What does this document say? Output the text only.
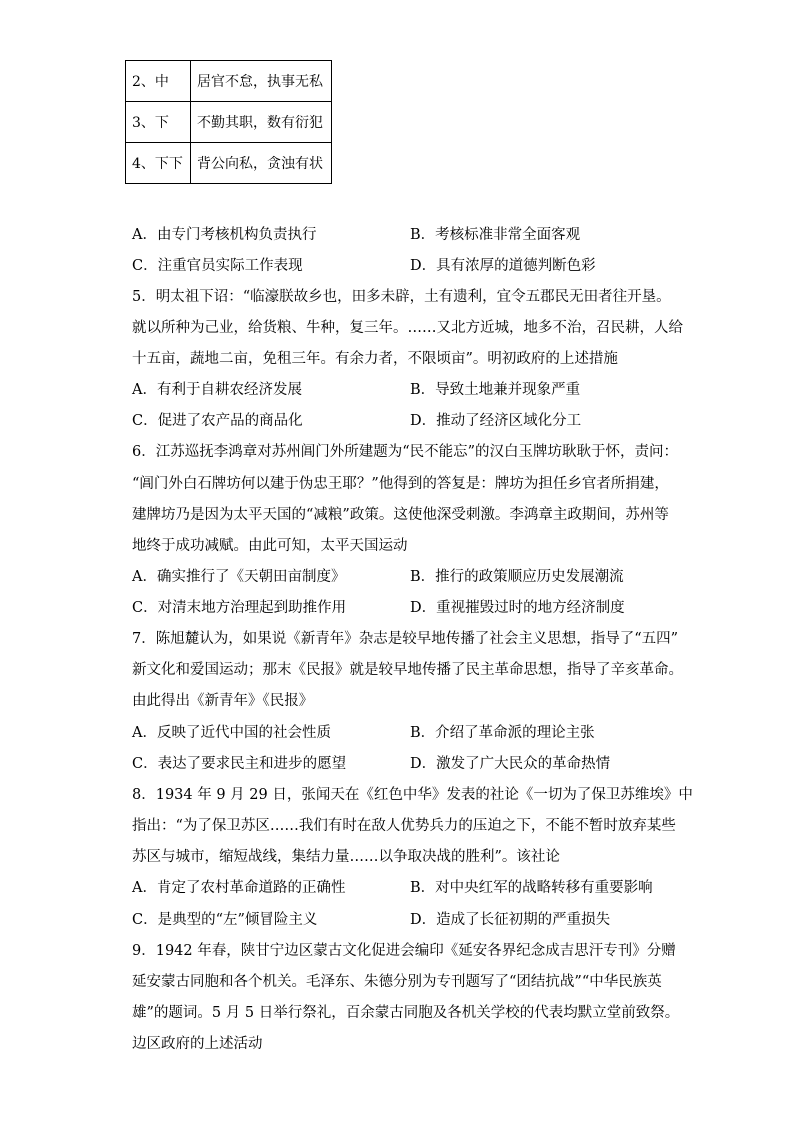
2、中	居官不怠，执事无私
3、下	不勤其职，数有衍犯
4、下下	背公向私，贪浊有状
A．由专门考核机构负责执行	B．考核标准非常全面客观
C．注重官员实际工作表现	D．具有浓厚的道德判断色彩
5．明太祖下诏：“临濠朕故乡也，田多未辟，土有遗利，宜令五郡民无田者往开垦。
就以所种为己业，给货粮、牛种，复三年。……又北方近城，地多不治，召民耕，人给
十五亩，蔬地二亩，免租三年。有余力者，不限顷亩”。明初政府的上述措施
A．有利于自耕农经济发展	B．导致土地兼并现象严重
C．促进了农产品的商品化	D．推动了经济区域化分工
6．江苏巡抚李鸿章对苏州阊门外所建题为“民不能忘”的汉白玉牌坊耿耿于怀，责问：
“阊门外白石牌坊何以建于伪忠王耶？”他得到的答复是：牌坊为担任乡官者所捐建，
建牌坊乃是因为太平天国的“减粮”政策。这使他深受刺激。李鸿章主政期间，苏州等
地终于成功减赋。由此可知，太平天国运动
A．确实推行了《天朝田亩制度》	B．推行的政策顺应历史发展潮流
C．对清末地方治理起到助推作用	D．重视摧毁过时的地方经济制度
7．陈旭麓认为，如果说《新青年》杂志是较早地传播了社会主义思想，指导了“五四”
新文化和爱国运动；那末《民报》就是较早地传播了民主革命思想，指导了辛亥革命。
由此得出《新青年》《民报》
A．反映了近代中国的社会性质	B．介绍了革命派的理论主张
C．表达了要求民主和进步的愿望	D．激发了广大民众的革命热情
8．1934 年 9 月 29 日，张闻天在《红色中华》发表的社论《一切为了保卫苏维埃》中
指出：“为了保卫苏区……我们有时在敌人优势兵力的压迫之下，不能不暂时放弃某些
苏区与城市，缩短战线，集结力量……以争取决战的胜利”。该社论
A．肯定了农村革命道路的正确性	B．对中央红军的战略转移有重要影响
C．是典型的“左”倾冒险主义	D．造成了长征初期的严重损失
9．1942 年春，陕甘宁边区蒙古文化促进会编印《延安各界纪念成吉思汗专刊》分赠
延安蒙古同胞和各个机关。毛泽东、朱德分别为专刊题写了“团结抗战”“中华民族英
雄”的题词。5 月 5 日举行祭礼，百余蒙古同胞及各机关学校的代表均默立堂前致祭。
边区政府的上述活动
